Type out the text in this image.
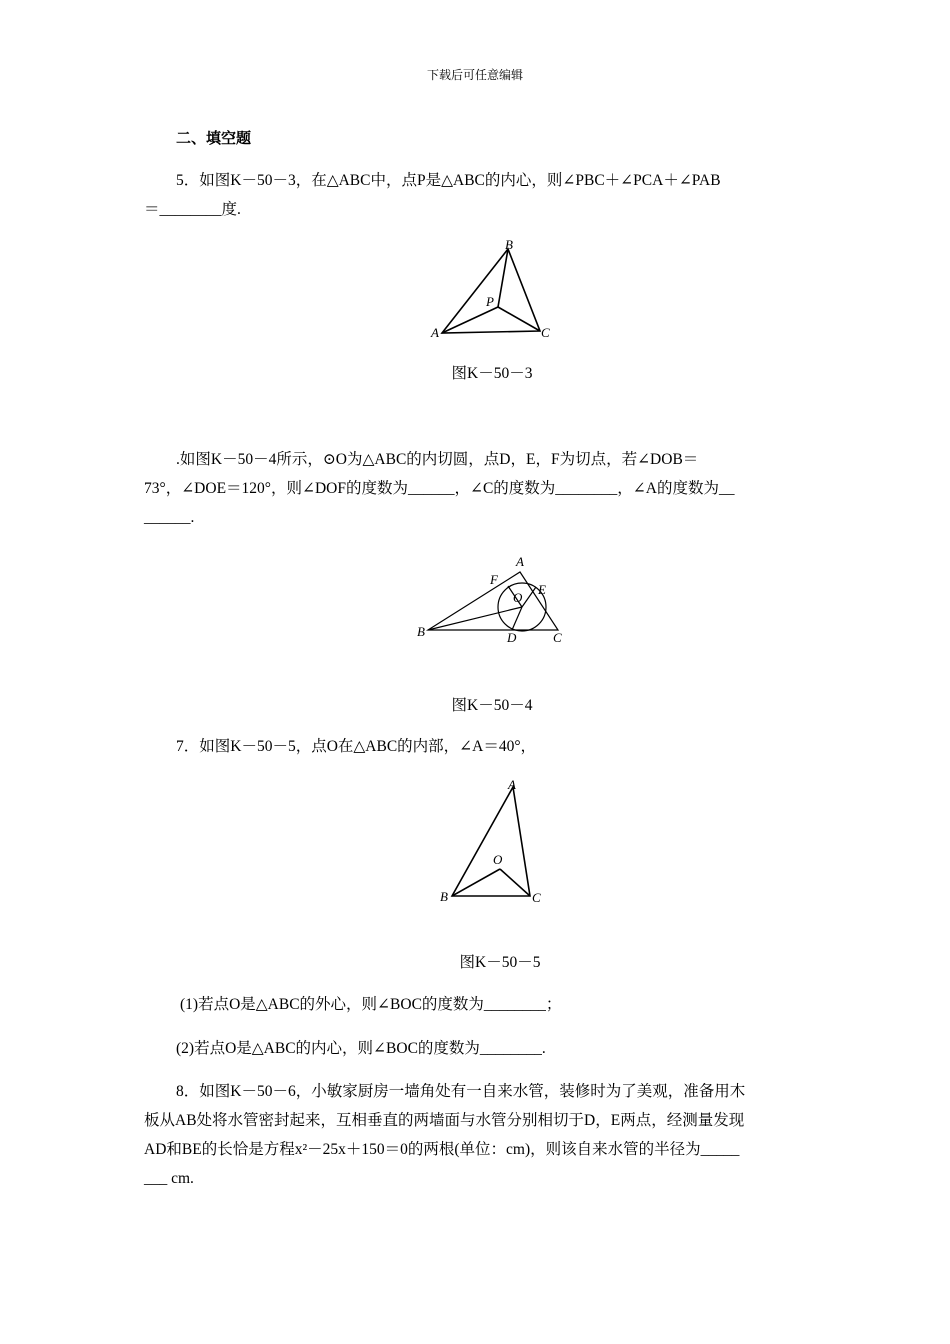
下载后可任意编辑
二、填空题
5．如图K－50－3，在△ABC中，点P是△ABC的内心，则∠PBC＋∠PCA＋∠PAB
＝________度.
A
B
C
P
图K－50－3
.如图K－50－4所示，⊙O为△ABC的内切圆，点D，E，F为切点，若∠DOB＝
73°，∠DOE＝120°，则∠DOF的度数为______，∠C的度数为________，∠A的度数为__
______.
B
A
C
D
E
F
O
图K－50－4
7．如图K－50－5，点O在△ABC的内部，∠A＝40°，
A
B	C
O
图K－50－5
(1)若点O是△ABC的外心，则∠BOC的度数为________；
(2)若点O是△ABC的内心，则∠BOC的度数为________.
8．如图K－50－6，小敏家厨房一墙角处有一自来水管，装修时为了美观，准备用木
板从AB处将水管密封起来，互相垂直的两墙面与水管分别相切于D，E两点，经测量发现
AD和BE的长恰是方程x²－25x＋150＝0的两根(单位：cm)，则该自来水管的半径为_____
___ cm.
